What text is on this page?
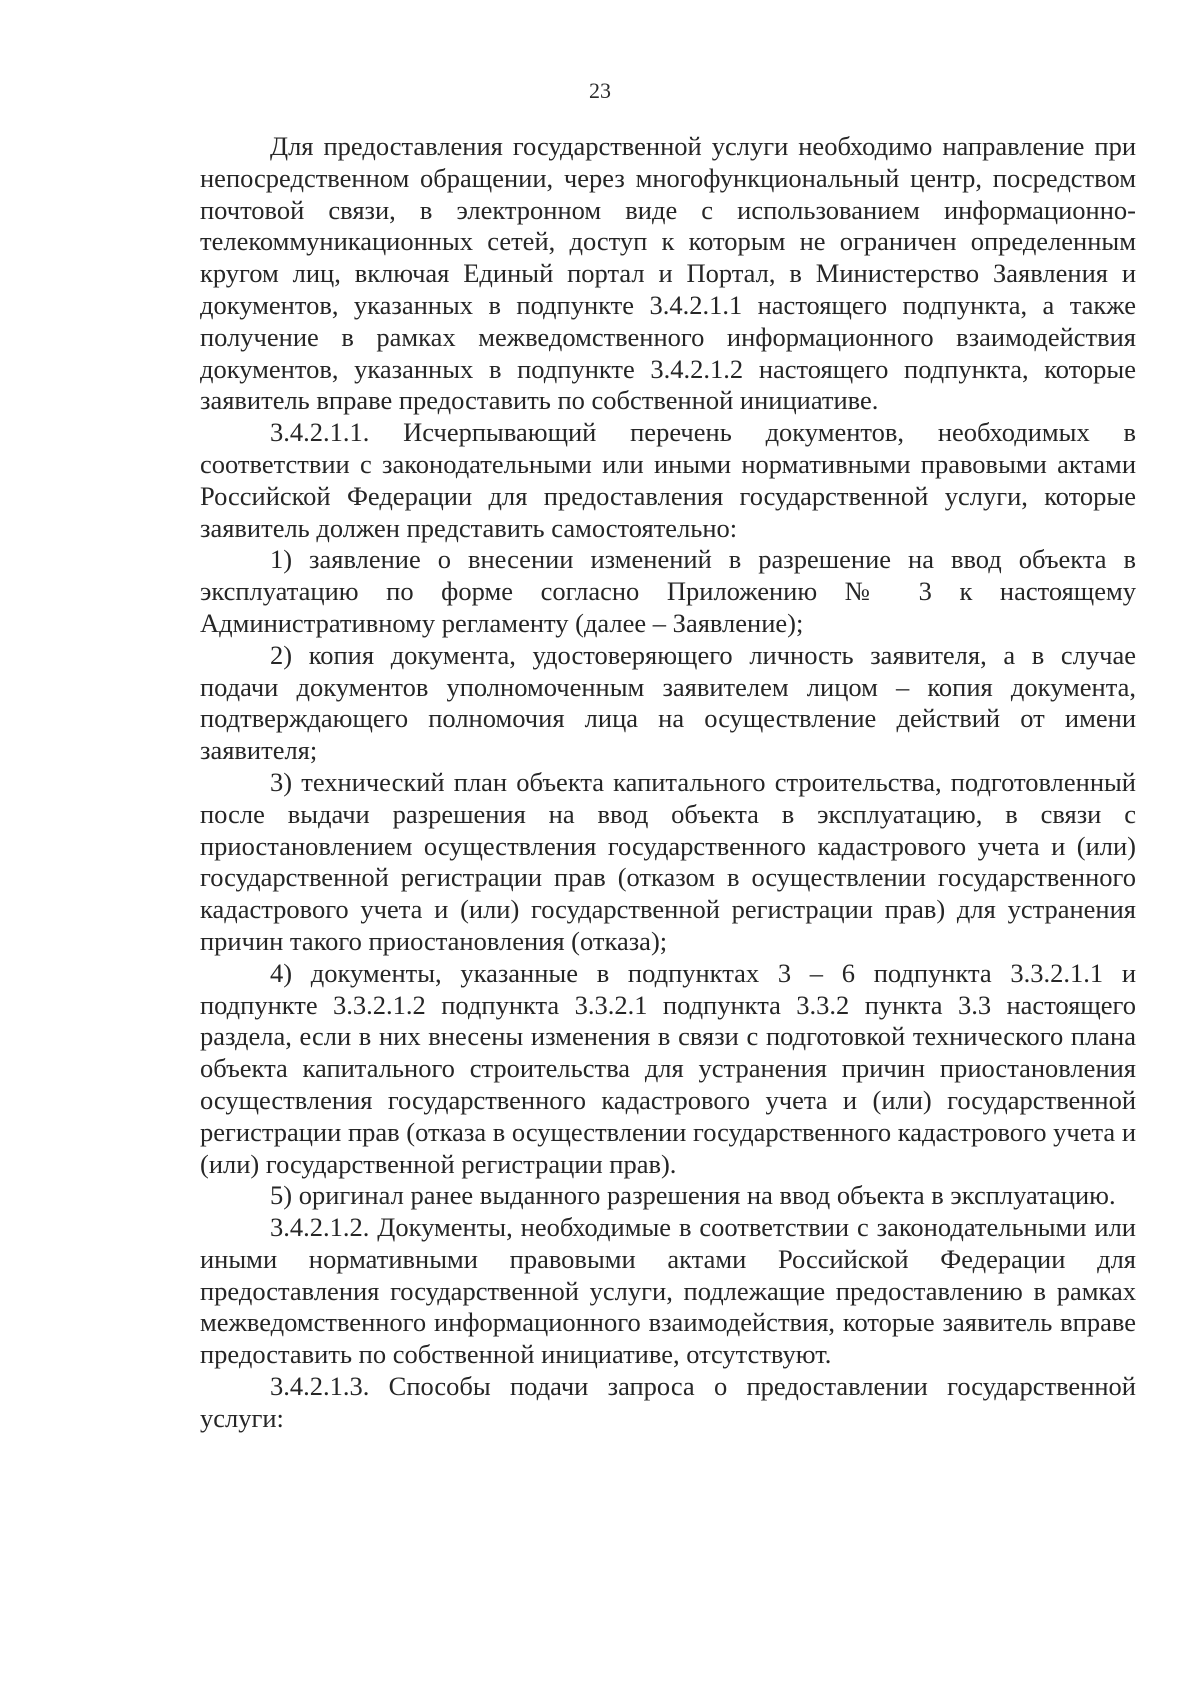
23

Для предоставления государственной услуги необходимо направление при непосредственном обращении, через многофункциональный центр, посредством почтовой связи, в электронном виде с использованием информационно-телекоммуникационных сетей, доступ к которым не ограничен определенным кругом лиц, включая Единый портал и Портал, в Министерство Заявления и документов, указанных в подпункте 3.4.2.1.1 настоящего подпункта, а также получение в рамках межведомственного информационного взаимодействия документов, указанных в подпункте 3.4.2.1.2 настоящего подпункта, которые заявитель вправе предоставить по собственной инициативе.

3.4.2.1.1. Исчерпывающий перечень документов, необходимых в соответствии с законодательными или иными нормативными правовыми актами Российской Федерации для предоставления государственной услуги, которые заявитель должен представить самостоятельно:

1) заявление о внесении изменений в разрешение на ввод объекта в эксплуатацию по форме согласно Приложению № 3 к настоящему Административному регламенту (далее – Заявление);

2) копия документа, удостоверяющего личность заявителя, а в случае подачи документов уполномоченным заявителем лицом – копия документа, подтверждающего полномочия лица на осуществление действий от имени заявителя;

3) технический план объекта капитального строительства, подготовленный после выдачи разрешения на ввод объекта в эксплуатацию, в связи с приостановлением осуществления государственного кадастрового учета и (или) государственной регистрации прав (отказом в осуществлении государственного кадастрового учета и (или) государственной регистрации прав) для устранения причин такого приостановления (отказа);

4) документы, указанные в подпунктах 3 – 6 подпункта 3.3.2.1.1 и подпункте 3.3.2.1.2 подпункта 3.3.2.1 подпункта 3.3.2 пункта 3.3 настоящего раздела, если в них внесены изменения в связи с подготовкой технического плана объекта капитального строительства для устранения причин приостановления осуществления государственного кадастрового учета и (или) государственной регистрации прав (отказа в осуществлении государственного кадастрового учета и (или) государственной регистрации прав).

5) оригинал ранее выданного разрешения на ввод объекта в эксплуатацию.

3.4.2.1.2. Документы, необходимые в соответствии с законодательными или иными нормативными правовыми актами Российской Федерации для предоставления государственной услуги, подлежащие предоставлению в рамках межведомственного информационного взаимодействия, которые заявитель вправе предоставить по собственной инициативе, отсутствуют.

3.4.2.1.3. Способы подачи запроса о предоставлении государственной услуги:
